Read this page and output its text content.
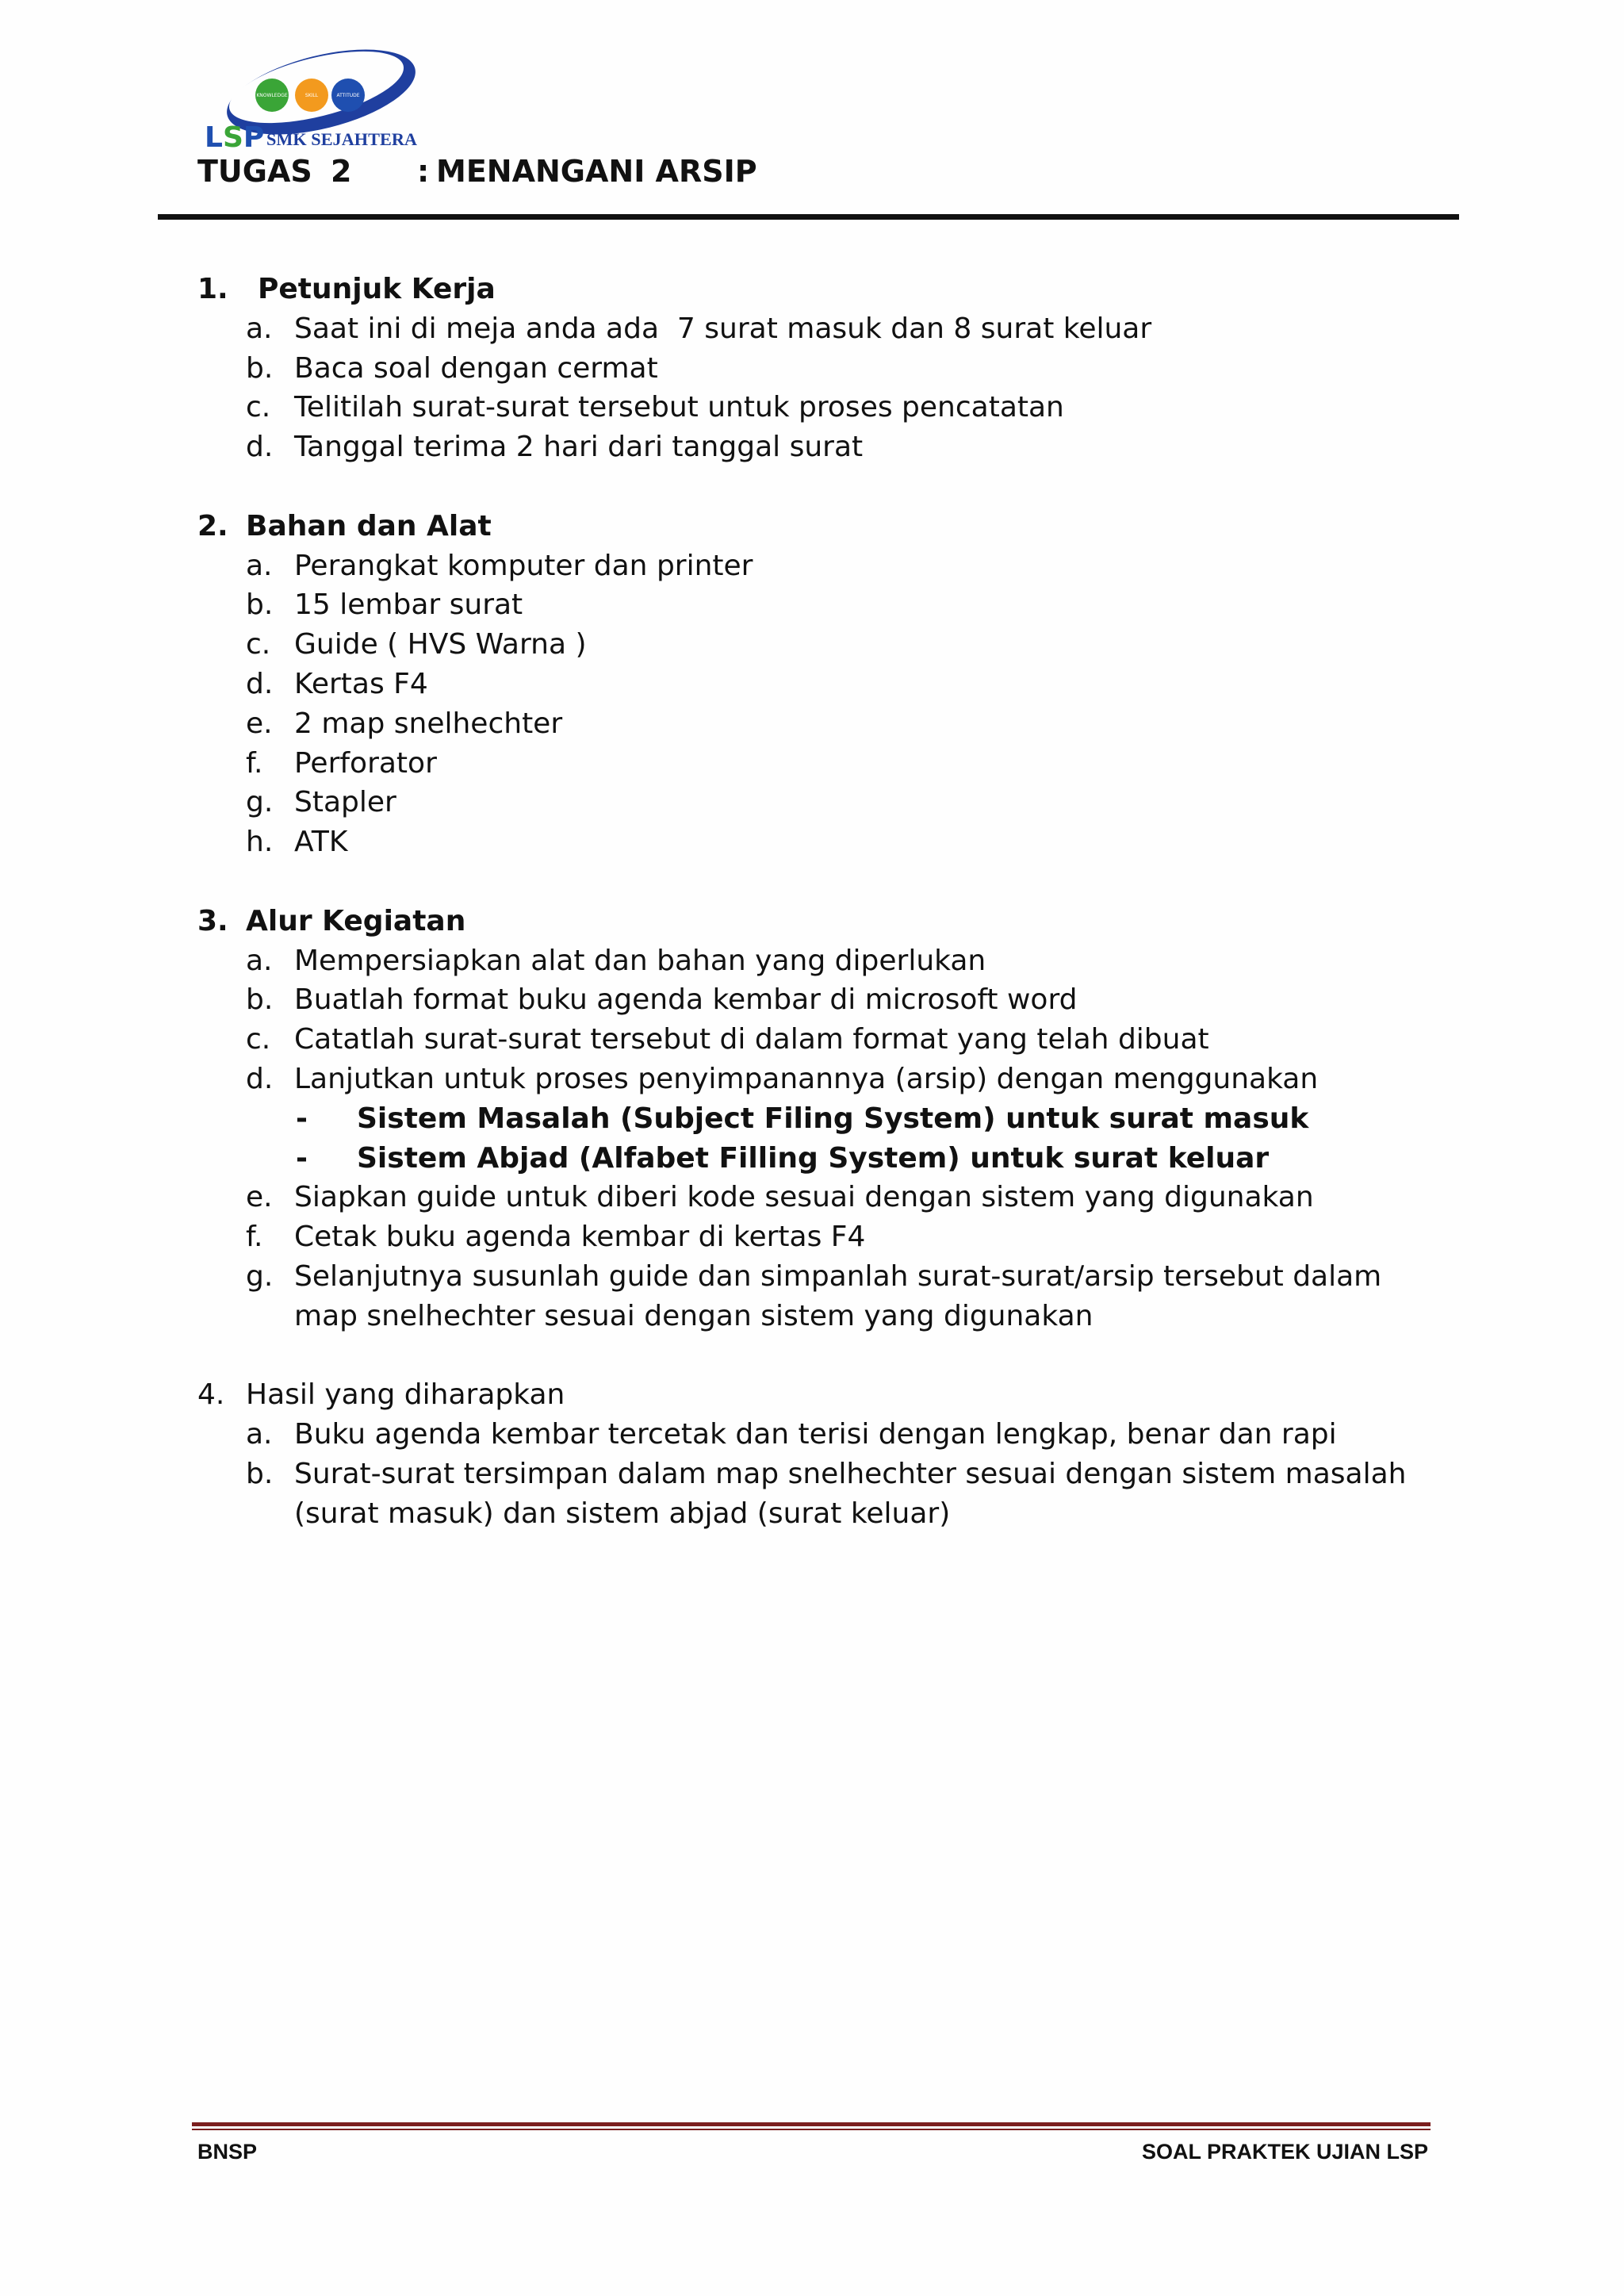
KNOWLEDGE	SKILL	ATTITUDE
LSP SMK SEJAHTERA
TUGAS 2 : MENANGANI ARSIP
1.	Petunjuk Kerja
a. Saat ini di meja anda ada  7 surat masuk dan 8 surat keluar
b. Baca soal dengan cermat
c. Telitilah surat-surat tersebut untuk proses pencatatan
d. Tanggal terima 2 hari dari tanggal surat
2. Bahan dan Alat
a. Perangkat komputer dan printer
b. 15 lembar surat
c. Guide ( HVS Warna )
d. Kertas F4
e. 2 map snelhechter
f.	Perforator
g. Stapler
h. ATK
3. Alur Kegiatan
a. Mempersiapkan alat dan bahan yang diperlukan
b. Buatlah format buku agenda kembar di microsoft word
c. Catatlah surat-surat tersebut di dalam format yang telah dibuat
d. Lanjutkan untuk proses penyimpanannya (arsip) dengan menggunakan
-	Sistem Masalah (Subject Filing System) untuk surat masuk
-	Sistem Abjad (Alfabet Filling System) untuk surat keluar
e. Siapkan guide untuk diberi kode sesuai dengan sistem yang digunakan
f.	Cetak buku agenda kembar di kertas F4
g. Selanjutnya susunlah guide dan simpanlah surat-surat/arsip tersebut dalam map snelhechter sesuai dengan sistem yang digunakan
4. Hasil yang diharapkan
a. Buku agenda kembar tercetak dan terisi dengan lengkap, benar dan rapi
b. Surat-surat tersimpan dalam map snelhechter sesuai dengan sistem masalah (surat masuk) dan sistem abjad (surat keluar)
BNSP	SOAL PRAKTEK UJIAN LSP
